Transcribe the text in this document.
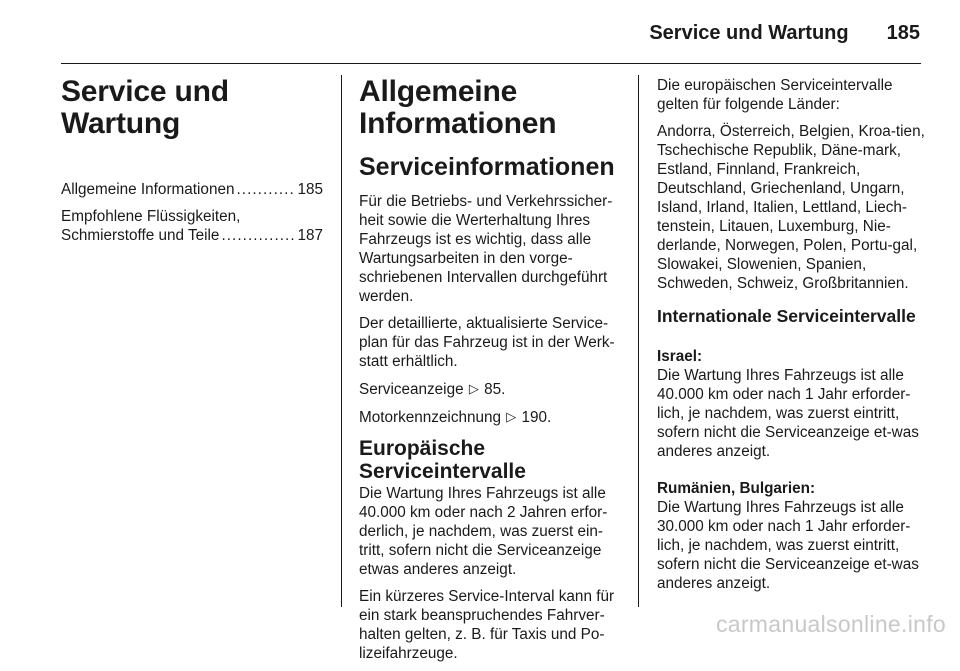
Service und Wartung 185
Service und Wartung
Allgemeine Informationen . . .	185
Empfohlene Flüssigkeiten,
Schmierstoffe und Teile . . .	187
Allgemeine
Informationen
Serviceinformationen

Für die Betriebs- und Verkehrssicher-heit sowie die Werterhaltung Ihres Fahrzeugs ist es wichtig, dass alle Wartungsarbeiten in den vorge-schriebenen Intervallen durchgeführt werden.

Der detaillierte, aktualisierte Service-plan für das Fahrzeug ist in der Werk-statt erhältlich.

Serviceanzeige ▷ 85.

Motorkennzeichnung ▷ 190.

Europäische Serviceintervalle

Die Wartung Ihres Fahrzeugs ist alle 40.000 km oder nach 2 Jahren erfor-derlich, je nachdem, was zuerst ein-tritt, sofern nicht die Serviceanzeige etwas anderes anzeigt.

Ein kürzeres Service-Interval kann für ein stark beanspruchendes Fahrver-halten gelten, z. B. für Taxis und Po-lizeifahrzeuge.

Die europäischen Serviceintervalle gelten für folgende Länder:

Andorra, Österreich, Belgien, Kroa-tien, Tschechische Republik, Däne-mark, Estland, Finnland, Frankreich, Deutschland, Griechenland, Ungarn, Island, Irland, Italien, Lettland, Liech-tenstein, Litauen, Luxemburg, Nie-derlande, Norwegen, Polen, Portu-gal, Slowakei, Slowenien, Spanien, Schweden, Schweiz, Großbritannien.

Internationale Serviceintervalle

Israel:
Die Wartung Ihres Fahrzeugs ist alle 40.000 km oder nach 1 Jahr erforder-lich, je nachdem, was zuerst eintritt, sofern nicht die Serviceanzeige et-was anderes anzeigt.

Rumänien, Bulgarien:
Die Wartung Ihres Fahrzeugs ist alle 30.000 km oder nach 1 Jahr erforder-lich, je nachdem, was zuerst eintritt, sofern nicht die Serviceanzeige et-was anderes anzeigt.

carmanualsonline.info
